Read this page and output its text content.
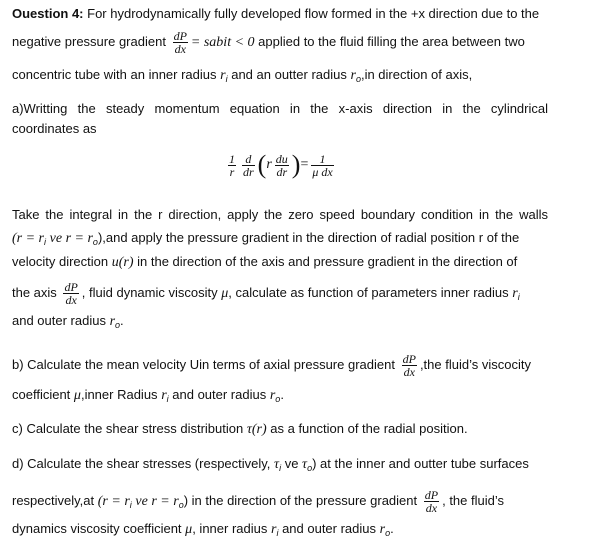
Ouestion 4: For hydrodynamically fully developed flow formed in the +x direction due to the
negative pressure gradient $\frac{dP}{dx}$ = sabit < 0 applied to the fluid filling the area between two
concentric tube with an inner radius $r_i$ and an outter radius $r_o,in$ direction of axis,
a)Writting the steady momentum equation in the x-axis direction in the cylindrical
coordinates as
$\frac{1}{r} \frac{d}{dr} (r \frac{du}{dr}$ )= $\frac{1}{\text{μ dx}}$
Take the integral in the r direction, apply the zero speed boundary condition in the walls
($r = r_i$ ve $r = r_o),and$ apply the pressure gradient in the direction of radial position r of the
velocity direction u(r) in the direction of the axis and pressure gradient in the direction of
the axis $\frac{dP}{dx}$ , fluid dynamic viscosity μ, calculate as function of parameters inner radius $r_i$
and outer radius $r_o$.
b) Calculate the mean velocity Uin terms of axial pressure gradient $\frac{dP}{dx} ,the$ fluid’s viscocity
coefficient μ,inner Radius $r_i$ and outer radius $r_o$.
c) Calculate the shear stress distribution τ(r) as a function of the radial position.
d) Calculate the shear stresses (respectively, $\tau_i$ ve $\tau_o$) at the inner and outter tube surfaces
respectively,at ($r = r_i$ ve $r = r_o$) in the direction of the pressure gradient $\frac{dP}{dx}$ , the fluid’s
dynamics viscosity coefficient μ, inner radius $r_i$ and outer radius $r_o$.
